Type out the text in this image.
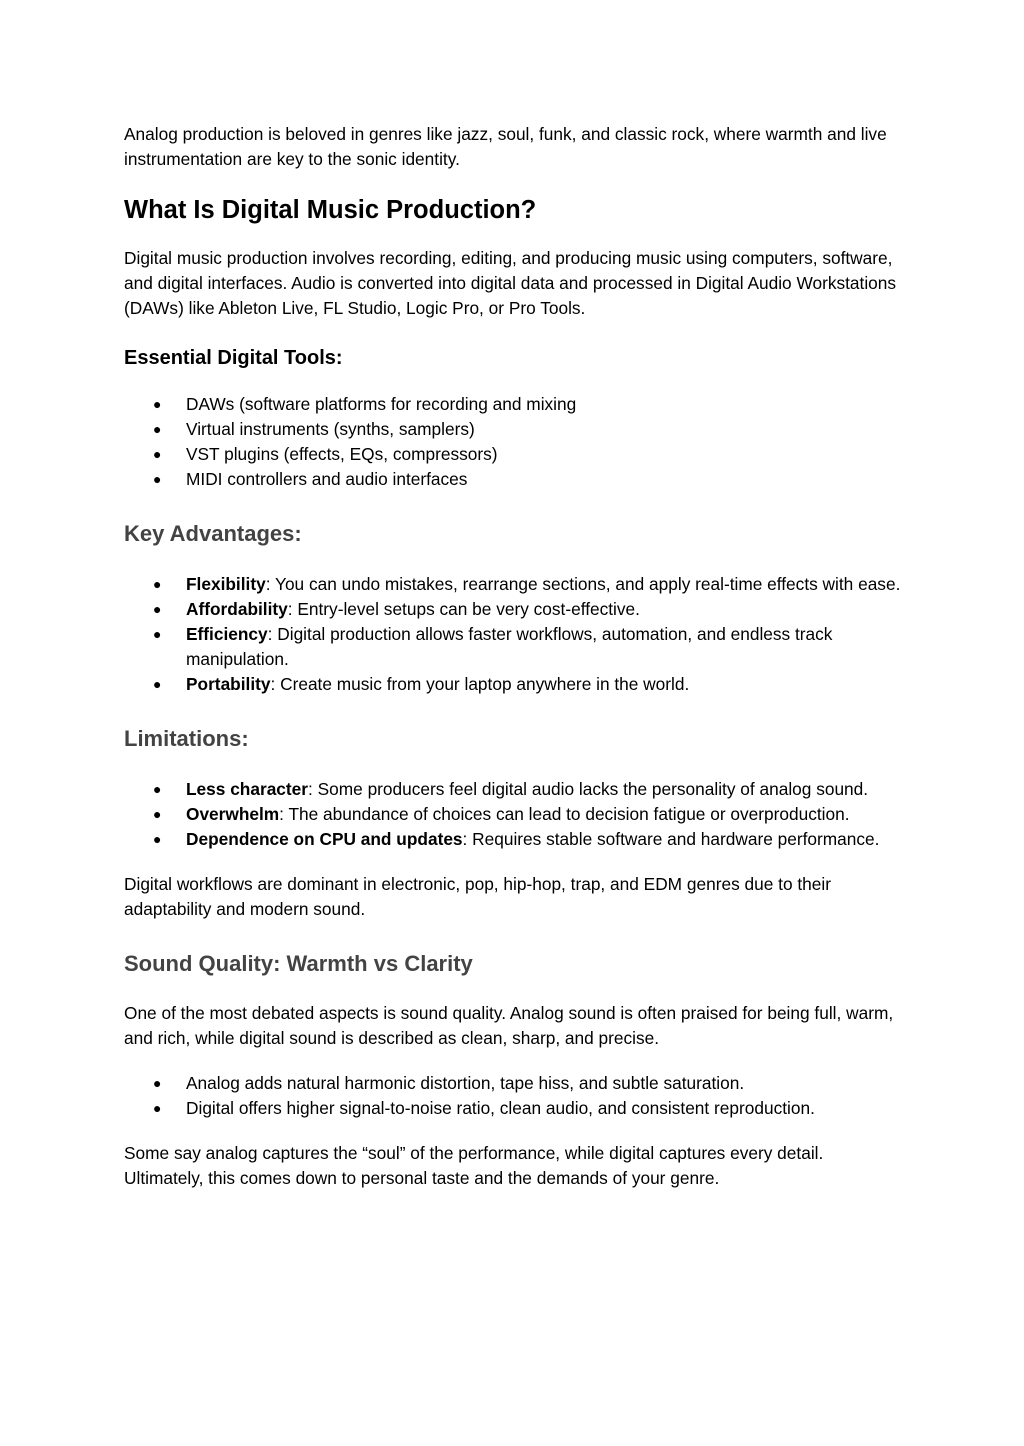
Analog production is beloved in genres like jazz, soul, funk, and classic rock, where warmth and live instrumentation are key to the sonic identity.

What Is Digital Music Production?

Digital music production involves recording, editing, and producing music using computers, software, and digital interfaces. Audio is converted into digital data and processed in Digital Audio Workstations (DAWs) like Ableton Live, FL Studio, Logic Pro, or Pro Tools.

Essential Digital Tools:
● DAWs (software platforms for recording and mixing
● Virtual instruments (synths, samplers)
● VST plugins (effects, EQs, compressors)
● MIDI controllers and audio interfaces
Key Advantages:
● Flexibility: You can undo mistakes, rearrange sections, and apply real-time effects with ease.
● Affordability: Entry-level setups can be very cost-effective.
● Efficiency: Digital production allows faster workflows, automation, and endless track manipulation.
● Portability: Create music from your laptop anywhere in the world.
Limitations:
● Less character: Some producers feel digital audio lacks the personality of analog sound.
● Overwhelm: The abundance of choices can lead to decision fatigue or overproduction.
● Dependence on CPU and updates: Requires stable software and hardware performance.

Digital workflows are dominant in electronic, pop, hip-hop, trap, and EDM genres due to their adaptability and modern sound.

Sound Quality: Warmth vs Clarity

One of the most debated aspects is sound quality. Analog sound is often praised for being full, warm, and rich, while digital sound is described as clean, sharp, and precise.

● Analog adds natural harmonic distortion, tape hiss, and subtle saturation.
● Digital offers higher signal-to-noise ratio, clean audio, and consistent reproduction.

Some say analog captures the “soul” of the performance, while digital captures every detail. Ultimately, this comes down to personal taste and the demands of your genre.
